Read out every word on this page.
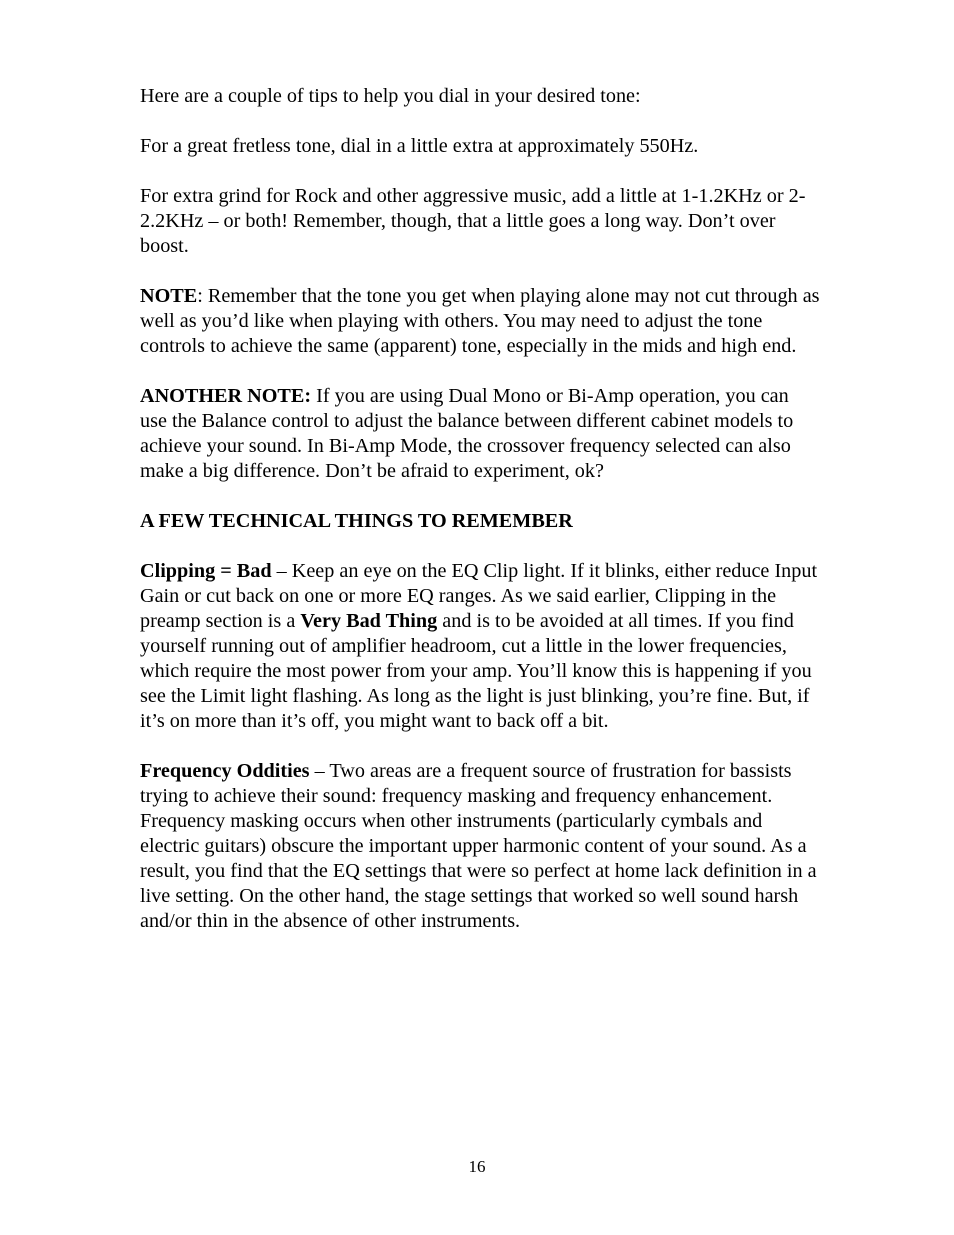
Here are a couple of tips to help you dial in your desired tone:

For a great fretless tone, dial in a little extra at approximately 550Hz.

For extra grind for Rock and other aggressive music, add a little at 1-1.2KHz or 2-2.2KHz – or both! Remember, though, that a little goes a long way. Don’t over boost.

NOTE: Remember that the tone you get when playing alone may not cut through as well as you’d like when playing with others. You may need to adjust the tone controls to achieve the same (apparent) tone, especially in the mids and high end.

ANOTHER NOTE: If you are using Dual Mono or Bi-Amp operation, you can use the Balance control to adjust the balance between different cabinet models to achieve your sound. In Bi-Amp Mode, the crossover frequency selected can also make a big difference. Don’t be afraid to experiment, ok?

A FEW TECHNICAL THINGS TO REMEMBER

Clipping = Bad – Keep an eye on the EQ Clip light. If it blinks, either reduce Input Gain or cut back on one or more EQ ranges. As we said earlier, Clipping in the preamp section is a Very Bad Thing and is to be avoided at all times. If you find yourself running out of amplifier headroom, cut a little in the lower frequencies, which require the most power from your amp. You’ll know this is happening if you see the Limit light flashing. As long as the light is just blinking, you’re fine. But, if it’s on more than it’s off, you might want to back off a bit.

Frequency Oddities – Two areas are a frequent source of frustration for bassists trying to achieve their sound: frequency masking and frequency enhancement. Frequency masking occurs when other instruments (particularly cymbals and electric guitars) obscure the important upper harmonic content of your sound. As a result, you find that the EQ settings that were so perfect at home lack definition in a live setting. On the other hand, the stage settings that worked so well sound harsh and/or thin in the absence of other instruments.

16
